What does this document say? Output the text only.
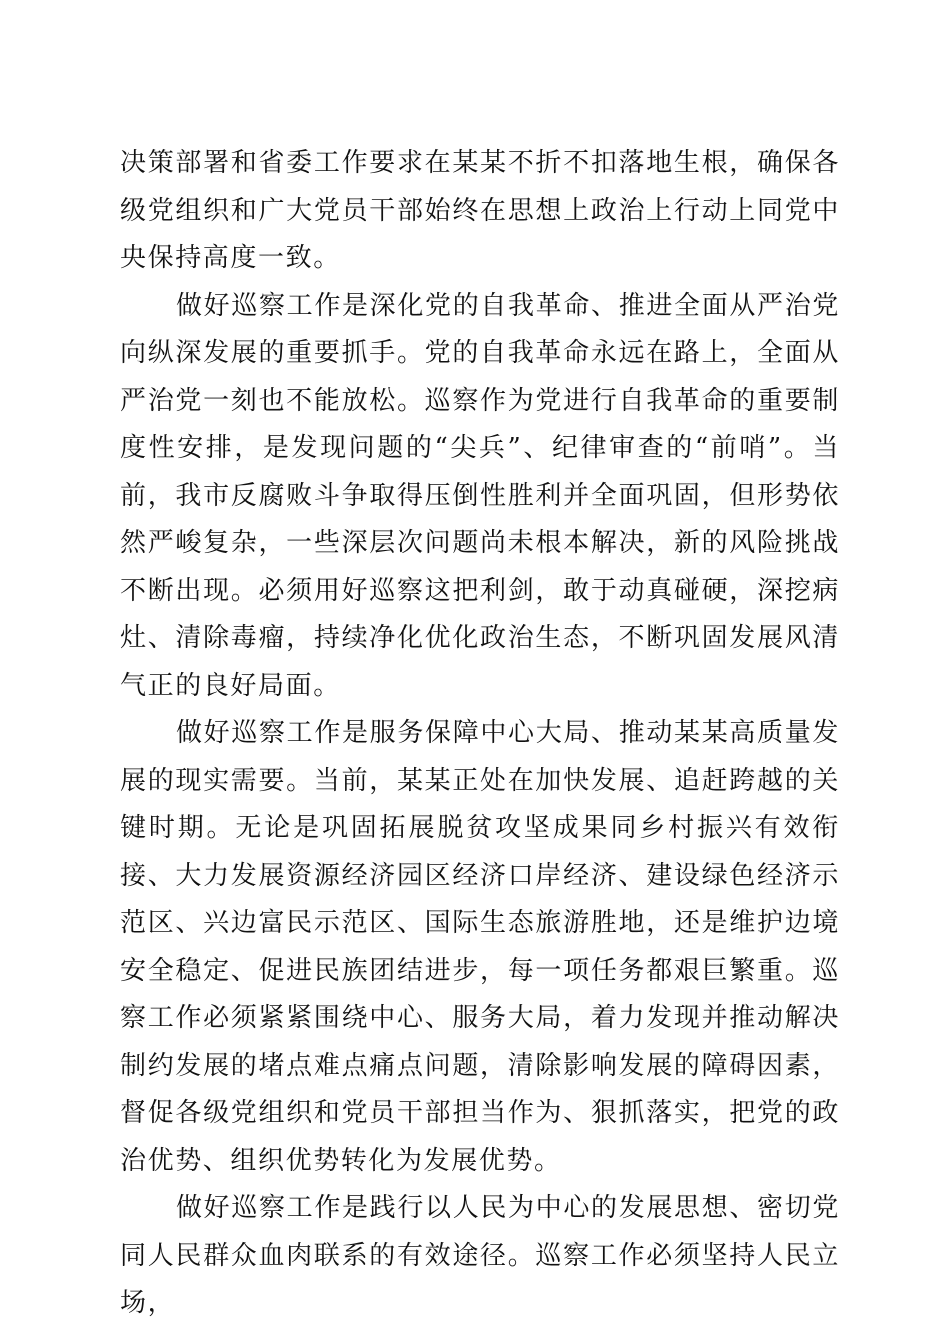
决策部署和省委工作要求在某某不折不扣落地生根，确保各级党组织和广大党员干部始终在思想上政治上行动上同党中央保持高度一致。

做好巡察工作是深化党的自我革命、推进全面从严治党向纵深发展的重要抓手。党的自我革命永远在路上，全面从严治党一刻也不能放松。巡察作为党进行自我革命的重要制度性安排，是发现问题的“尖兵”、纪律审查的“前哨”。当前，我市反腐败斗争取得压倒性胜利并全面巩固，但形势依然严峻复杂，一些深层次问题尚未根本解决，新的风险挑战不断出现。必须用好巡察这把利剑，敢于动真碰硬，深挖病灶、清除毒瘤，持续净化优化政治生态，不断巩固发展风清气正的良好局面。

做好巡察工作是服务保障中心大局、推动某某高质量发展的现实需要。当前，某某正处在加快发展、追赶跨越的关键时期。无论是巩固拓展脱贫攻坚成果同乡村振兴有效衔接、大力发展资源经济园区经济口岸经济、建设绿色经济示范区、兴边富民示范区、国际生态旅游胜地，还是维护边境安全稳定、促进民族团结进步，每一项任务都艰巨繁重。巡察工作必须紧紧围绕中心、服务大局，着力发现并推动解决制约发展的堵点难点痛点问题，清除影响发展的障碍因素，督促各级党组织和党员干部担当作为、狠抓落实，把党的政治优势、组织优势转化为发展优势。

做好巡察工作是践行以人民为中心的发展思想、密切党同人民群众血肉联系的有效途径。巡察工作必须坚持人民立场，
